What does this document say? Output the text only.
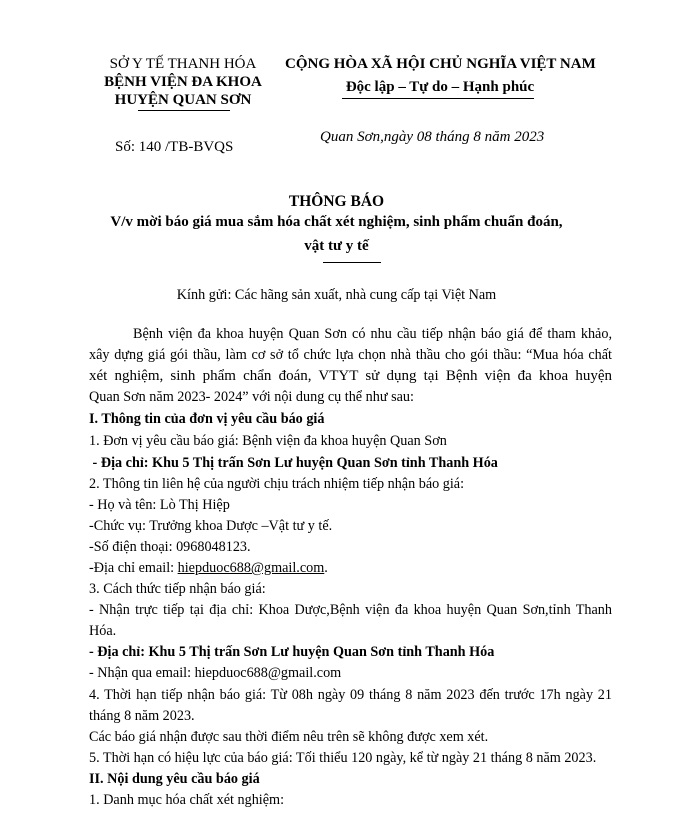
SỞ Y TẾ THANH HÓA
BỆNH VIỆN ĐA KHOA
HUYỆN QUAN SƠN
Số: 140 /TB-BVQS
CỘNG HÒA XÃ HỘI CHỦ NGHĨA VIỆT NAM
Độc lập – Tự do – Hạnh phúc
Quan Sơn,ngày 08 tháng 8 năm 2023
THÔNG BÁO
V/v mời báo giá mua sắm hóa chất xét nghiệm, sinh phẩm chuẩn đoán,
vật tư y tế
Kính gửi: Các hãng sản xuất, nhà cung cấp tại Việt Nam
Bệnh viện đa khoa huyện Quan Sơn có nhu cầu tiếp nhận báo giá để tham khảo,
xây dựng giá gói thầu, làm cơ sở tổ chức lựa chọn nhà thầu cho gói thầu: “Mua hóa chất
xét nghiệm, sinh phẩm chẩn đoán, VTYT sử dụng tại Bệnh viện đa khoa huyện
Quan Sơn năm 2023- 2024” với nội dung cụ thể như sau:
I. Thông tin của đơn vị yêu cầu báo giá
1. Đơn vị yêu cầu báo giá: Bệnh viện đa khoa huyện Quan Sơn
- Địa chỉ: Khu 5 Thị trấn Sơn Lư huyện Quan Sơn tỉnh Thanh Hóa
2. Thông tin liên hệ của người chịu trách nhiệm tiếp nhận báo giá:
- Họ và tên: Lò Thị Hiệp
-Chức vụ: Trưởng khoa Dược –Vật tư y tế.
-Số điện thoại: 0968048123.
-Địa chỉ email: hiepduoc688@gmail.com.
3. Cách thức tiếp nhận báo giá:
- Nhận trực tiếp tại địa chỉ: Khoa Dược,Bệnh viện đa khoa huyện Quan Sơn,tỉnh Thanh
Hóa.
- Địa chỉ: Khu 5 Thị trấn Sơn Lư huyện Quan Sơn tỉnh Thanh Hóa
- Nhận qua email: hiepduoc688@gmail.com
4. Thời hạn tiếp nhận báo giá: Từ 08h ngày 09 tháng 8 năm 2023 đến trước 17h ngày 21
tháng 8 năm 2023.
Các báo giá nhận được sau thời điểm nêu trên sẽ không được xem xét.
5. Thời hạn có hiệu lực của báo giá: Tối thiểu 120 ngày, kể từ ngày 21 tháng 8 năm 2023.
II. Nội dung yêu cầu báo giá
1. Danh mục hóa chất xét nghiệm:
